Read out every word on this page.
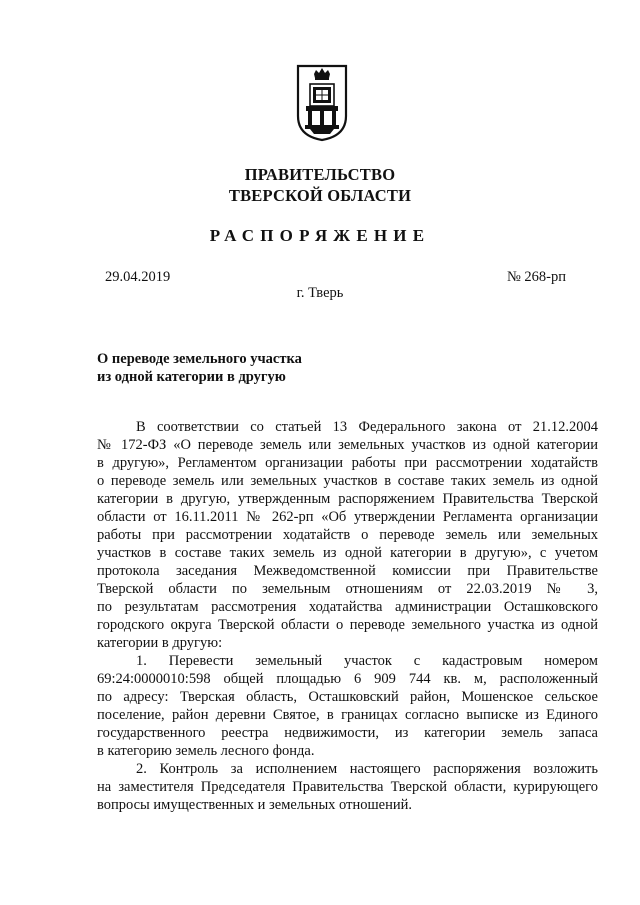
ПРАВИТЕЛЬСТВО
ТВЕРСКОЙ ОБЛАСТИ
РАСПОРЯЖЕНИЕ
29.04.2019	№ 268-рп
г. Тверь
О переводе земельного участка
из одной категории в другую
В соответствии со статьей 13 Федерального закона от 21.12.2004
№ 172-ФЗ «О переводе земель или земельных участков из одной категории
в другую», Регламентом организации работы при рассмотрении ходатайств
о переводе земель или земельных участков в составе таких земель из одной
категории в другую, утвержденным распоряжением Правительства Тверской
области от 16.11.2011 № 262-рп «Об утверждении Регламента организации
работы при рассмотрении ходатайств о переводе земель или земельных
участков в составе таких земель из одной категории в другую», с учетом
протокола заседания Межведомственной комиссии при Правительстве
Тверской области по земельным отношениям от 22.03.2019 № 3,
по результатам рассмотрения ходатайства администрации Осташковского
городского округа Тверской области о переводе земельного участка из одной
категории в другую:
1. Перевести земельный участок с кадастровым номером
69:24:0000010:598 общей площадью 6 909 744 кв. м, расположенный
по адресу: Тверская область, Осташковский район, Мошенское сельское
поселение, район деревни Святое, в границах согласно выписке из Единого
государственного реестра недвижимости, из категории земель запаса
в категорию земель лесного фонда.
2. Контроль за исполнением настоящего распоряжения возложить
на заместителя Председателя Правительства Тверской области, курирующего
вопросы имущественных и земельных отношений.
